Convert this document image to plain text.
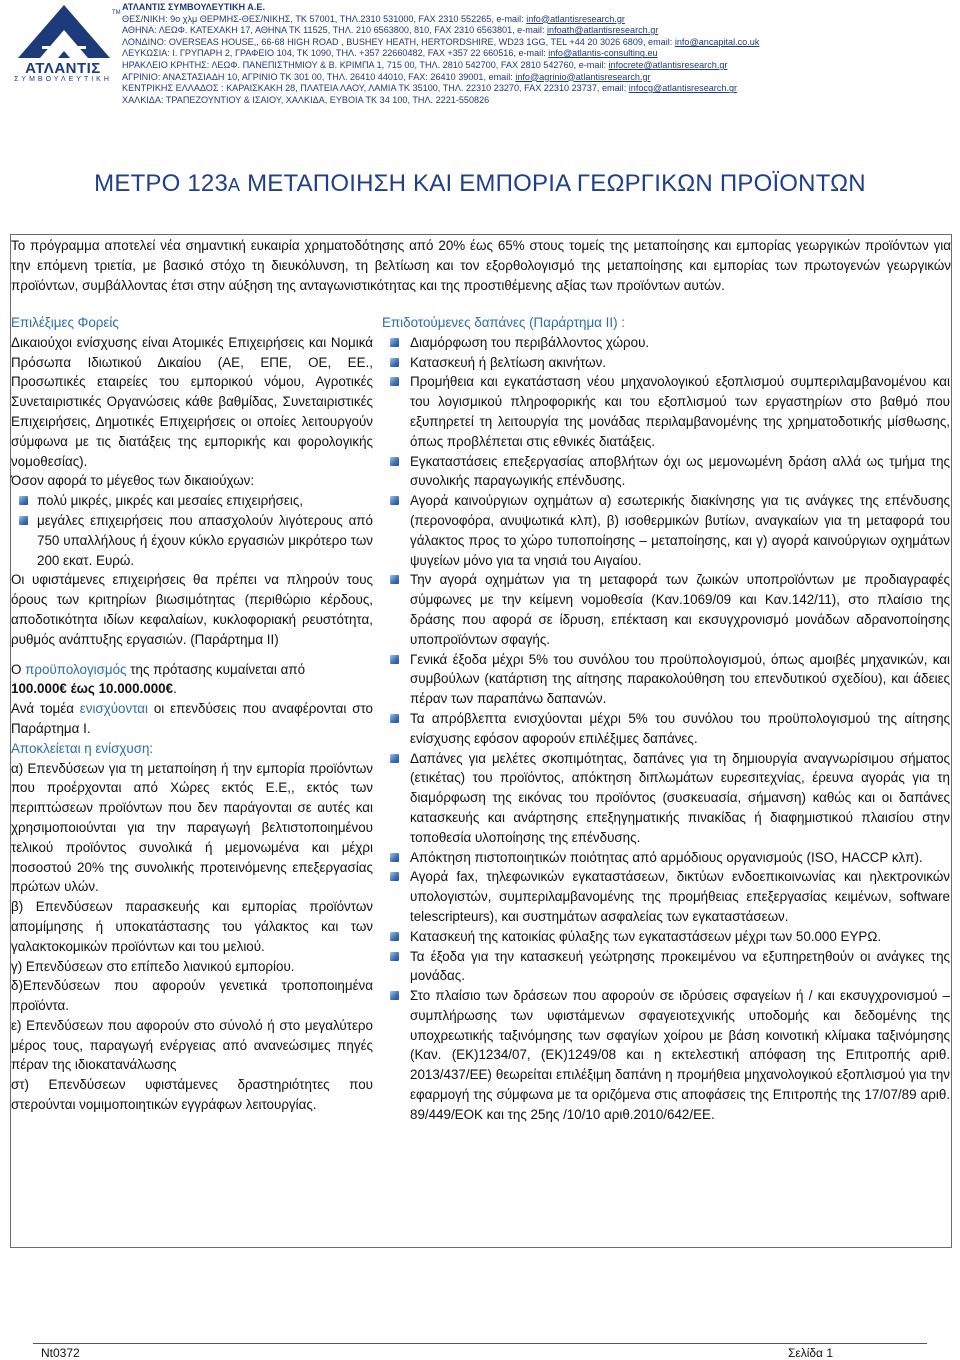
TM
ΑΤΛΑΝΤΙΣ
ΣΥΜΒΟΥΛΕΥΤΙΚΗ
ΑΤΛΑΝΤΙΣ ΣΥΜΒΟΥΛΕΥΤΙΚΗ Α.Ε.
ΘΕΣ/ΝΙΚΗ: 9ο χλμ ΘΕΡΜΗΣ-ΘΕΣ/ΝΙΚΗΣ, ΤΚ 57001, ΤΗΛ.2310 531000, FAX 2310 552265, e-mail: info@atlantisresearch.gr
ΑΘΗΝΑ: ΛΕΩΦ. ΚΑΤΕΧΑΚΗ 17, ΑΘΗΝΑ ΤΚ 11525, ΤΗΛ. 210 6563800, 810, FAX 2310 6563801, e-mail: infoath@atlantisresearch.gr
ΛΟΝΔΙΝΟ: OVERSEAS HOUSE,, 66-68 HIGH ROAD , BUSHEY HEATH, HERTORDSHIRE, WD23 1GG, TEL +44 20 3026 6809, email: info@ancapital.co.uk
ΛΕΥΚΩΣΙΑ: Ι. ΓΡΥΠΑΡΗ 2, ΓΡΑΦΕΙΟ 104, ΤΚ 1090, ΤΗΛ. +357 22660482, FAX +357 22 660516, e-mail: info@atlantis-consulting.eu
ΗΡΑΚΛΕΙΟ ΚΡΗΤΗΣ: ΛΕΩΦ. ΠΑΝΕΠΙΣΤΗΜΙΟΥ & Β. ΚΡΙΜΠΑ 1, 715 00, ΤΗΛ. 2810 542700, FAX 2810 542760, e-mail: infocrete@atlantisresearch.gr
ΑΓΡΙΝΙΟ: ΑΝΑΣΤΑΣΙΑΔΗ 10, ΑΓΡΙΝΙΟ ΤΚ 301 00, ΤΗΛ. 26410 44010, FAX: 26410 39001, email: info@agrinio@atlantisresearch.gr
ΚΕΝΤΡΙΚΗΣ ΕΛΛΑΔΟΣ : ΚΑΡΑΙΣΚΑΚΗ 28, ΠΛΑΤΕΙΑ ΛΑΟΥ, ΛΑΜΙΑ ΤΚ 35100, ΤΗΛ. 22310 23270, FAX 22310 23737, email: infocg@atlantisresearch.gr
ΧΑΛΚΙΔΑ: ΤΡΑΠΕΖΟΥΝΤΙΟΥ & ΙΣΑΙΟΥ, ΧΑΛΚΙΔΑ, ΕΥΒΟΙΑ ΤΚ 34 100, ΤΗΛ. 2221-550826
ΜΕΤΡΟ 123Α ΜΕΤΑΠΟΙΗΣΗ ΚΑΙ ΕΜΠΟΡΙΑ ΓΕΩΡΓΙΚΩΝ ΠΡΟΪΟΝΤΩΝ

Το πρόγραμμα αποτελεί νέα σημαντική ευκαιρία χρηματοδότησης από 20% έως 65% στους τομείς της μεταποίησης και εμπορίας γεωργικών προϊόντων για την επόμενη τριετία, με βασικό στόχο τη διευκόλυνση, τη βελτίωση και τον εξορθολογισμό της μεταποίησης και εμπορίας των πρωτογενών γεωργικών προϊόντων, συμβάλλοντας έτσι στην αύξηση της ανταγωνιστικότητας και της προστιθέμενης αξίας των προϊόντων αυτών.

Επιλέξιμες Φορείς

Δικαιούχοι ενίσχυσης είναι Ατομικές Επιχειρήσεις και Νομικά Πρόσωπα Ιδιωτικού Δικαίου (ΑΕ, ΕΠΕ, ΟΕ, ΕΕ., Προσωπικές εταιρείες του εμπορικού νόμου, Αγροτικές Συνεταιριστικές Οργανώσεις κάθε βαθμίδας, Συνεταιριστικές Επιχειρήσεις, Δημοτικές Επιχειρήσεις οι οποίες λειτουργούν σύμφωνα με τις διατάξεις της εμπορικής και φορολογικής νομοθεσίας).

Όσον αφορά το μέγεθος των δικαιούχων:
πολύ μικρές, μικρές και μεσαίες επιχειρήσεις,
μεγάλες επιχειρήσεις που απασχολούν λιγότερους από 750 υπαλλήλους ή έχουν κύκλο εργασιών μικρότερο των 200 εκατ. Ευρώ.

Οι υφιστάμενες επιχειρήσεις θα πρέπει να πληρούν τους όρους των κριτηρίων βιωσιμότητας (περιθώριο κέρδους, αποδοτικότητα ιδίων κεφαλαίων, κυκλοφοριακή ρευστότητα, ρυθμός ανάπτυξης εργασιών. (Παράρτημα ΙΙ)

Ο προϋπολογισμός της πρότασης κυμαίνεται από

100.000€ έως 10.000.000€.

Ανά τομέα ενισχύονται οι επενδύσεις που αναφέρονται στο Παράρτημα Ι.

Αποκλείεται η ενίσχυση:

α) Επενδύσεων για τη μεταποίηση ή την εμπορία προϊόντων που προέρχονται από Χώρες εκτός Ε.Ε,, εκτός των περιπτώσεων προϊόντων που δεν παράγονται σε αυτές και χρησιμοποιούνται για την παραγωγή βελτιστοποιημένου τελικού προϊόντος συνολικά ή μεμονωμένα και μέχρι ποσοστού 20% της συνολικής προτεινόμενης επεξεργασίας πρώτων υλών.

β) Επενδύσεων παρασκευής και εμπορίας προϊόντων απομίμησης ή υποκατάστασης του γάλακτος και των γαλακτοκομικών προϊόντων και του μελιού.

γ) Επενδύσεων στο επίπεδο λιανικού εμπορίου.

δ)Επενδύσεων που αφορούν γενετικά τροποποιημένα προϊόντα.

ε) Επενδύσεων που αφορούν στο σύνολό ή στο μεγαλύτερο μέρος τους, παραγωγή ενέργειας από ανανεώσιμες πηγές πέραν της ιδιοκατανάλωσης

στ) Επενδύσεων υφιστάμενες δραστηριότητες που στερούνται νομιμοποιητικών εγγράφων λειτουργίας.

Επιδοτούμενες δαπάνες (Παράρτημα ΙΙ) :
Διαμόρφωση του περιβάλλοντος χώρου.
Κατασκευή ή βελτίωση ακινήτων.
Προμήθεια και εγκατάσταση νέου μηχανολογικού εξοπλισμού συμπεριλαμβανομένου και του λογισμικού πληροφορικής και του εξοπλισμού των εργαστηρίων στο βαθμό που εξυπηρετεί τη λειτουργία της μονάδας περιλαμβανομένης της χρηματοδοτικής μίσθωσης, όπως προβλέπεται στις εθνικές διατάξεις.
Εγκαταστάσεις επεξεργασίας αποβλήτων όχι ως μεμονωμένη δράση αλλά ως τμήμα της συνολικής παραγωγικής επένδυσης.
Αγορά καινούργιων οχημάτων α) εσωτερικής διακίνησης για τις ανάγκες της επένδυσης (περονοφόρα, ανυψωτικά κλπ), β) ισοθερμικών βυτίων, αναγκαίων για τη μεταφορά του γάλακτος προς το χώρο τυποποίησης – μεταποίησης, και γ) αγορά καινούργιων οχημάτων ψυγείων μόνο για τα νησιά του Αιγαίου.
Την αγορά οχημάτων για τη μεταφορά των ζωικών υποπροϊόντων με προδιαγραφές σύμφωνες με την κείμενη νομοθεσία (Καν.1069/09 και Καν.142/11), στο πλαίσιο της δράσης που αφορά σε ίδρυση, επέκταση και εκσυγχρονισμό μονάδων αδρανοποίησης υποπροϊόντων σφαγής.
Γενικά έξοδα μέχρι 5% του συνόλου του προϋπολογισμού, όπως αμοιβές μηχανικών, και συμβούλων (κατάρτιση της αίτησης παρακολούθηση του επενδυτικού σχεδίου), και άδειες πέραν των παραπάνω δαπανών.
Τα απρόβλεπτα ενισχύονται μέχρι 5% του συνόλου του προϋπολογισμού της αίτησης ενίσχυσης εφόσον αφορούν επιλέξιμες δαπάνες.
Δαπάνες για μελέτες σκοπιμότητας, δαπάνες για τη δημιουργία αναγνωρίσιμου σήματος (ετικέτας) του προϊόντος, απόκτηση διπλωμάτων ευρεσιτεχνίας, έρευνα αγοράς για τη διαμόρφωση της εικόνας του προϊόντος (συσκευασία, σήμανση) καθώς και οι δαπάνες κατασκευής και ανάρτησης επεξηγηματικής πινακίδας ή διαφημιστικού πλαισίου στην τοποθεσία υλοποίησης της επένδυσης.
Απόκτηση πιστοποιητικών ποιότητας από αρμόδιους οργανισμούς (ISO, HACCP κλπ).
Αγορά fax, τηλεφωνικών εγκαταστάσεων, δικτύων ενδοεπικοινωνίας και ηλεκτρονικών υπολογιστών, συμπεριλαμβανομένης της προμήθειας επεξεργασίας κειμένων, software telescripteurs), και συστημάτων ασφαλείας των εγκαταστάσεων.
Κατασκευή της κατοικίας φύλαξης των εγκαταστάσεων μέχρι των 50.000 ΕΥΡΩ.
Τα έξοδα για την κατασκευή γεώτρησης προκειμένου να εξυπηρετηθούν οι ανάγκες της μονάδας.
Στο πλαίσιο των δράσεων που αφορούν σε ιδρύσεις σφαγείων ή / και εκσυγχρονισμού – συμπλήρωσης των υφιστάμενων σφαγειοτεχνικής υποδομής και δεδομένης της υποχρεωτικής ταξινόμησης των σφαγίων χοίρου με βάση κοινοτική κλίμακα ταξινόμησης (Καν. (ΕΚ)1234/07, (ΕΚ)1249/08 και η εκτελεστική απόφαση της Επιτροπής αριθ. 2013/437/ΕΕ) θεωρείται επιλέξιμη δαπάνη η προμήθεια μηχανολογικού εξοπλισμού για την εφαρμογή της σύμφωνα με τα οριζόμενα στις αποφάσεις της Επιτροπής της 17/07/89 αριθ. 89/449/ΕΟΚ και της 25ης /10/10 αριθ.2010/642/ΕΕ.
Nt0372	Σελίδα 1
